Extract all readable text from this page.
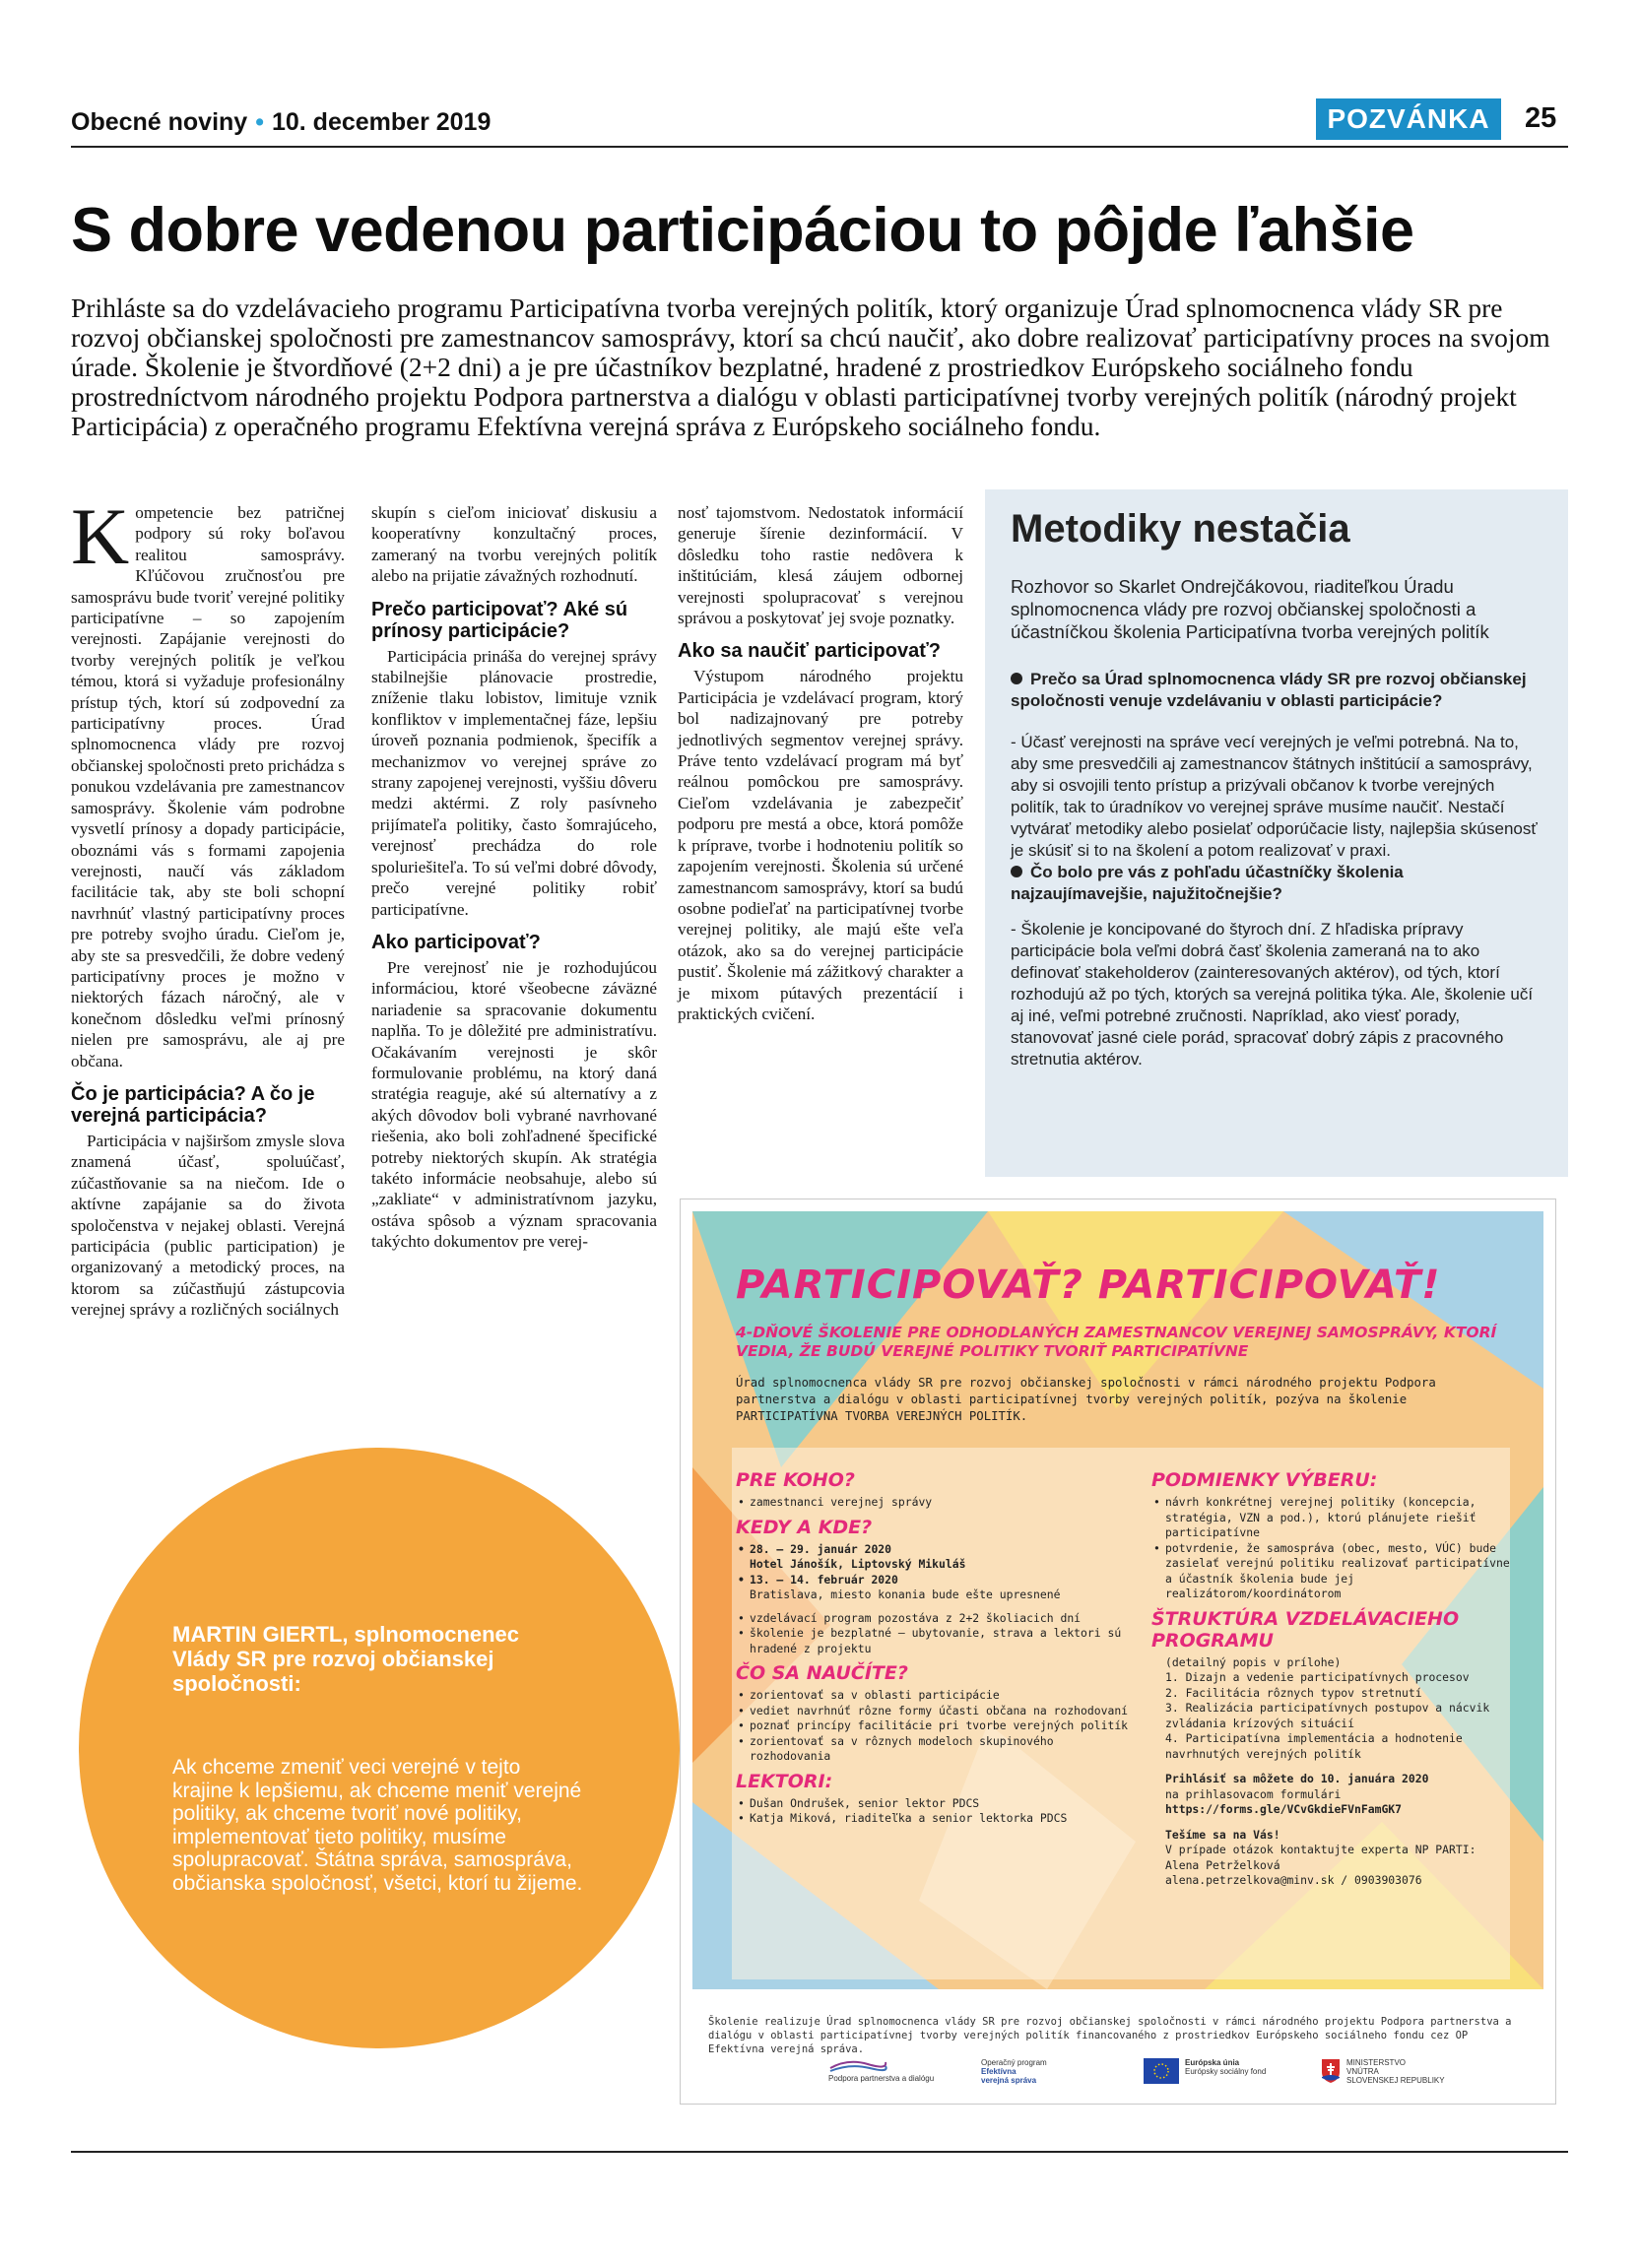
Obecné noviny • 10. december 2019	POZVÁNKA	25
S dobre vedenou participáciou to pôjde ľahšie

Prihláste sa do vzdelávacieho programu Participatívna tvorba verejných politík, ktorý organizuje Úrad splnomocnenca vlády SR pre rozvoj občianskej spoločnosti pre zamestnancov samosprávy, ktorí sa chcú naučiť, ako dobre realizovať participatívny proces na svojom úrade. Školenie je štvordňové (2+2 dni) a je pre účastníkov bezplatné, hradené z prostriedkov Európskeho sociálneho fondu prostredníctvom národného projektu Podpora partnerstva a dialógu v oblasti participatívnej tvorby verejných politík (národný projekt Participácia) z operačného programu Efektívna verejná správa z Európskeho sociálneho fondu.

Kompetencie bez patričnej podpory sú roky boľavou realitou samosprávy. Kľúčovou zručnosťou pre samosprávu bude tvoriť verejné politiky participatívne – so zapojením verejnosti. Zapájanie verejnosti do tvorby verejných politík je veľkou témou, ktorá si vyžaduje profesionálny prístup tých, ktorí sú zodpovední za participatívny proces. Úrad splnomocnenca vlády pre rozvoj občianskej spoločnosti preto prichádza s ponukou vzdelávania pre zamestnancov samosprávy. Školenie vám podrobne vysvetlí prínosy a dopady participácie, oboznámi vás s formami zapojenia verejnosti, naučí vás základom facilitácie tak, aby ste boli schopní navrhnúť vlastný participatívny proces pre potreby svojho úradu. Cieľom je, aby ste sa presvedčili, že dobre vedený participatívny proces je možno v niektorých fázach náročný, ale v konečnom dôsledku veľmi prínosný nielen pre samosprávu, ale aj pre občana.

Čo je participácia? A čo je verejná participácia?

Participácia v najširšom zmysle slova znamená účasť, spoluúčasť, zúčastňovanie sa na niečom. Ide o aktívne zapájanie sa do života spoločenstva v nejakej oblasti. Verejná participácia (public participation) je organizovaný a metodický proces, na ktorom sa zúčastňujú zástupcovia verejnej správy a rozličných sociálnych

skupín s cieľom iniciovať diskusiu a kooperatívny konzultačný proces, zameraný na tvorbu verejných politík alebo na prijatie závažných rozhodnutí.

Prečo participovať? Aké sú prínosy participácie?

Participácia prináša do verejnej správy stabilnejšie plánovacie prostredie, zníženie tlaku lobistov, limituje vznik konfliktov v implementačnej fáze, lepšiu úroveň poznania podmienok, špecifík a mechanizmov vo verejnej správe zo strany zapojenej verejnosti, vyššiu dôveru medzi aktérmi. Z roly pasívneho prijímateľa politiky, často šomrajúceho, verejnosť prechádza do role spoluriešiteľa. To sú veľmi dobré dôvody, prečo verejné politiky robiť participatívne.

Ako participovať?

Pre verejnosť nie je rozhodujúcou informáciou, ktoré všeobecne záväzné nariadenie sa spracovanie dokumentu naplňa. To je dôležité pre administratívu. Očakávaním verejnosti je skôr formulovanie problému, na ktorý daná stratégia reaguje, aké sú alternatívy a z akých dôvodov boli vybrané navrhované riešenia, ako boli zohľadnené špecifické potreby niektorých skupín. Ak stratégia takéto informácie neobsahuje, alebo sú „zakliate“ v administratívnom jazyku, ostáva spôsob a význam spracovania takýchto dokumentov pre verej-

nosť tajomstvom. Nedostatok informácií generuje šírenie dezinformácií. V dôsledku toho rastie nedôvera k inštitúciám, klesá záujem odbornej verejnosti spolupracovať s verejnou správou a poskytovať jej svoje poznatky.

Ako sa naučiť participovať?

Výstupom národného projektu Participácia je vzdelávací program, ktorý bol nadizajnovaný pre potreby jednotlivých segmentov verejnej správy. Práve tento vzdelávací program má byť reálnou pomôckou pre samosprávy. Cieľom vzdelávania je zabezpečiť podporu pre mestá a obce, ktorá pomôže k príprave, tvorbe i hodnoteniu politík so zapojením verejnosti. Školenia sú určené zamestnancom samosprávy, ktorí sa budú osobne podieľať na participatívnej tvorbe verejnej politiky, ale majú ešte veľa otázok, ako sa do verejnej participácie pustiť. Školenie má zážitkový charakter a je mixom pútavých prezentácií i praktických cvičení.

Metodiky nestačia

Rozhovor so Skarlet Ondrejčákovou, riaditeľkou Úradu splnomocnenca vlády pre rozvoj občianskej spoločnosti a účastníčkou školenia Participatívna tvorba verejných politík

Prečo sa Úrad splnomocnenca vlády SR pre rozvoj občianskej spoločnosti venuje vzdelávaniu v oblasti participácie?

- Účasť verejnosti na správe vecí verejných je veľmi potrebná. Na to, aby sme presvedčili aj zamestnancov štátnych inštitúcií a samosprávy, aby si osvojili tento prístup a prizývali občanov k tvorbe verejných politík, tak to úradníkov vo verejnej správe musíme naučiť. Nestačí vytvárať metodiky alebo posielať odporúčacie listy, najlepšia skúsenosť je skúsiť si to na školení a potom realizovať v praxi.

Čo bolo pre vás z pohľadu účastníčky školenia najzaujímavejšie, najužitočnejšie?

- Školenie je koncipované do štyroch dní. Z hľadiska prípravy participácie bola veľmi dobrá časť školenia zameraná na to ako definovať stakeholderov (zainteresovaných aktérov), od tých, ktorí rozhodujú až po tých, ktorých sa verejná politika týka. Ale, školenie učí aj iné, veľmi potrebné zručnosti. Napríklad, ako viesť porady, stanovovať jasné ciele porád, spracovať dobrý zápis z pracovného stretnutia aktérov.

MARTIN GIERTL, splnomocnenec Vlády SR pre rozvoj občianskej spoločnosti:
Ak chceme zmeniť veci verejné v tejto krajine k lepšiemu, ak chceme meniť verejné politiky, ak chceme tvoriť nové politiky, implementovať tieto politiky, musíme spolupracovať. Štátna správa, samospráva, občianska spoločnosť, všetci, ktorí tu žijeme.
PARTICIPOVAŤ? PARTICIPOVAŤ!
4-DŇOVÉ ŠKOLENIE PRE ODHODLANÝCH ZAMESTNANCOV VEREJNEJ SAMOSPRÁVY, KTORÍ VEDIA, ŽE BUDÚ VEREJNÉ POLITIKY TVORIŤ PARTICIPATÍVNE
Úrad splnomocnenca vlády SR pre rozvoj občianskej spoločnosti v rámci národného projektu Podpora partnerstva a dialógu v oblasti participatívnej tvorby verejných politík, pozýva na školenie PARTICIPATÍVNA TVORBA VEREJNÝCH POLITÍK.
PRE KOHO?
• zamestnanci verejnej správy
KEDY A KDE?
• 28. – 29. január 2020
Hotel Jánošík, Liptovský Mikuláš
• 13. – 14. február 2020
Bratislava, miesto konania bude ešte upresnené
• vzdelávací program pozostáva z 2+2 školiacich dní
• školenie je bezplatné – ubytovanie, strava a lektori sú hradené z projektu
ČO SA NAUČÍTE?
• zorientovať sa v oblasti participácie
• vediet navrhnúť rôzne formy účasti občana na rozhodovaní
• poznať princípy facilitácie pri tvorbe verejných politík
• zorientovať sa v rôznych modeloch skupinového rozhodovania
LEKTORI:
• Dušan Ondrušek, senior lektor PDCS
• Katja Miková, riaditeľka a senior lektorka PDCS
PODMIENKY VÝBERU:
• návrh konkrétnej verejnej politiky (koncepcia, stratégia, VZN a pod.), ktorú plánujete riešiť participatívne
• potvrdenie, že samospráva (obec, mesto, VÚC) bude zasielať verejnú politiku realizovať participatívne a účastník školenia bude jej realizátorom/koordinátorom
ŠTRUKTÚRA VZDELÁVACIEHO PROGRAMU
(detailný popis v prílohe)
1. Dizajn a vedenie participatívnych procesov
2. Facilitácia rôznych typov stretnutí
3. Realizácia participatívnych postupov a nácvik zvládania krízových situácií
4. Participatívna implementácia a hodnotenie navrhnutých verejných politík
Prihlásiť sa môžete do 10. januára 2020
na prihlasovacom formulári
https://forms.gle/VCvGkdieFVnFamGK7
Tešíme sa na Vás!
V prípade otázok kontaktujte experta NP PARTI: Alena Petrželková
alena.petrzelkova@minv.sk / 0903903076
Školenie realizuje Úrad splnomocnenca vlády SR pre rozvoj občianskej spoločnosti v rámci národného projektu Podpora partnerstva a dialógu v oblasti participatívnej tvorby verejných politík financovaného z prostriedkov Európskeho sociálneho fondu cez OP Efektívna verejná správa.
Podpora partnerstva a dialógu
Operačný program
Efektívna
verejná správa
Európska únia
Európsky sociálny fond
MINISTERSTVO
VNÚTRA
SLOVENSKEJ REPUBLIKY
